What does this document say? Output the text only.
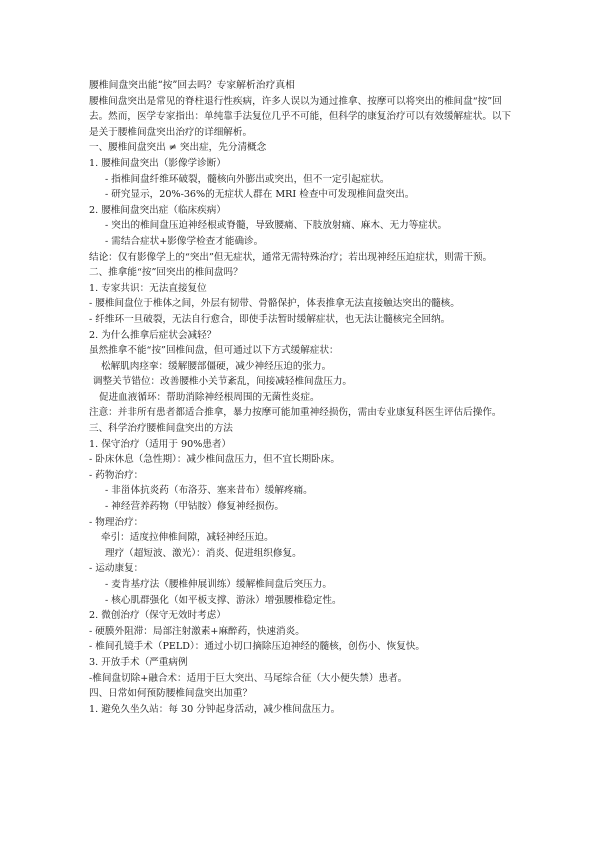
腰椎间盘突出能“按”回去吗？专家解析治疗真相
腰椎间盘突出是常见的脊柱退行性疾病，许多人误以为通过推拿、按摩可以将突出的椎间盘“按”回去。然而，医学专家指出：单纯靠手法复位几乎不可能，但科学的康复治疗可以有效缓解症状。以下是关于腰椎间盘突出治疗的详细解析。
一、腰椎间盘突出 ≠ 突出症，先分清概念
1. 腰椎间盘突出（影像学诊断）
- 指椎间盘纤维环破裂，髓核向外膨出或突出，但不一定引起症状。
- 研究显示，20%-36%的无症状人群在 MRI 检查中可发现椎间盘突出。
2. 腰椎间盘突出症（临床疾病）
- 突出的椎间盘压迫神经根或脊髓，导致腰痛、下肢放射痛、麻木、无力等症状。
- 需结合症状+影像学检查才能确诊。
结论：仅有影像学上的“突出”但无症状，通常无需特殊治疗；若出现神经压迫症状，则需干预。
二、推拿能“按”回突出的椎间盘吗？
1. 专家共识：无法直接复位
- 腰椎间盘位于椎体之间，外层有韧带、骨骼保护，体表推拿无法直接触达突出的髓核。
- 纤维环一旦破裂，无法自行愈合，即使手法暂时缓解症状，也无法让髓核完全回纳。
2. 为什么推拿后症状会减轻？
虽然推拿不能“按”回椎间盘，但可通过以下方式缓解症状：
松解肌肉痉挛：缓解腰部僵硬，减少神经压迫的张力。
调整关节错位：改善腰椎小关节紊乱，间接减轻椎间盘压力。
促进血液循环：帮助消除神经根周围的无菌性炎症。
注意：并非所有患者都适合推拿，暴力按摩可能加重神经损伤，需由专业康复科医生评估后操作。
三、科学治疗腰椎间盘突出的方法
1. 保守治疗（适用于 90%患者）
- 卧床休息（急性期）：减少椎间盘压力，但不宜长期卧床。
- 药物治疗：
- 非甾体抗炎药（布洛芬、塞来昔布）缓解疼痛。
- 神经营养药物（甲钴胺）修复神经损伤。
- 物理治疗：
牵引：适度拉伸椎间隙，减轻神经压迫。
理疗（超短波、激光）：消炎、促进组织修复。
- 运动康复：
- 麦肯基疗法（腰椎伸展训练）缓解椎间盘后突压力。
- 核心肌群强化（如平板支撑、游泳）增强腰椎稳定性。
2. 微创治疗（保守无效时考虑）
- 硬膜外阻滞：局部注射激素+麻醉药，快速消炎。
- 椎间孔镜手术（PELD）：通过小切口摘除压迫神经的髓核，创伤小、恢复快。
3. 开放手术（严重病例
-椎间盘切除+融合术：适用于巨大突出、马尾综合征（大小便失禁）患者。
四、日常如何预防腰椎间盘突出加重？
1. 避免久坐久站：每 30 分钟起身活动，减少椎间盘压力。
